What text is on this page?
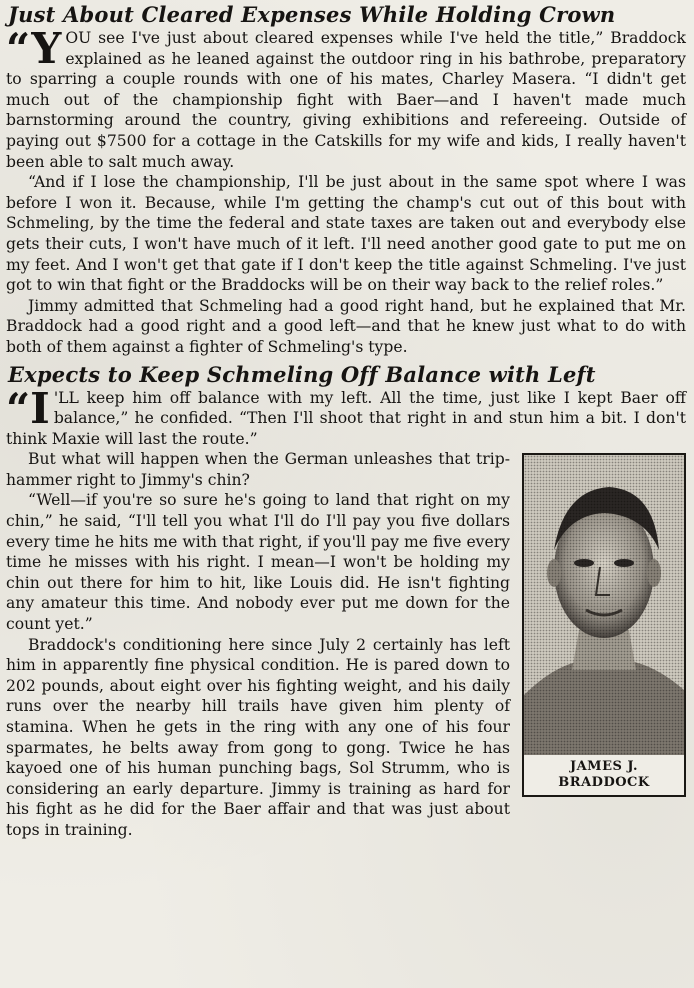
Just About Cleared Expenses While Holding Crown

“YOU see I've just about cleared expenses while I've held the title,” Braddock explained as he leaned against the outdoor ring in his bathrobe, preparatory to sparring a couple rounds with one of his mates, Charley Masera. “I didn't get much out of the championship fight with Baer—and I haven't made much barnstorming around the country, giving exhibitions and refereeing. Outside of paying out $7500 for a cottage in the Catskills for my wife and kids, I really haven't been able to salt much away.

“And if I lose the championship, I'll be just about in the same spot where I was before I won it. Because, while I'm getting the champ's cut out of this bout with Schmeling, by the time the federal and state taxes are taken out and everybody else gets their cuts, I won't have much of it left. I'll need another good gate to put me on my feet. And I won't get that gate if I don't keep the title against Schmeling. I've just got to win that fight or the Braddocks will be on their way back to the relief roles.”

Jimmy admitted that Schmeling had a good right hand, but he explained that Mr. Braddock had a good right and a good left—and that he knew just what to do with both of them against a fighter of Schmeling's type.

Expects to Keep Schmeling Off Balance with Left

“I 'LL keep him off balance with my left. All the time, just like I kept Baer off balance,” he confided. “Then I'll shoot that right in and stun him a bit. I don't think Maxie will last the route.”

JAMES J.
BRADDOCK

But what will happen when the German unleashes that trip-hammer right to Jimmy's chin?

“Well—if you're so sure he's going to land that right on my chin,” he said, “I'll tell you what I'll do I'll pay you five dollars every time he hits me with that right, if you'll pay me five every time he misses with his right. I mean—I won't be holding my chin out there for him to hit, like Louis did. He isn't fighting any amateur this time. And nobody ever put me down for the count yet.”

Braddock's conditioning here since July 2 certainly has left him in apparently fine physical condition. He is pared down to 202 pounds, about eight over his fighting weight, and his daily runs over the nearby hill trails have given him plenty of stamina. When he gets in the ring with any one of his four sparmates, he belts away from gong to gong. Twice he has kayoed one of his human punching bags, Sol Strumm, who is considering an early departure. Jimmy is training as hard for his fight as he did for the Baer affair and that was just about tops in training.
